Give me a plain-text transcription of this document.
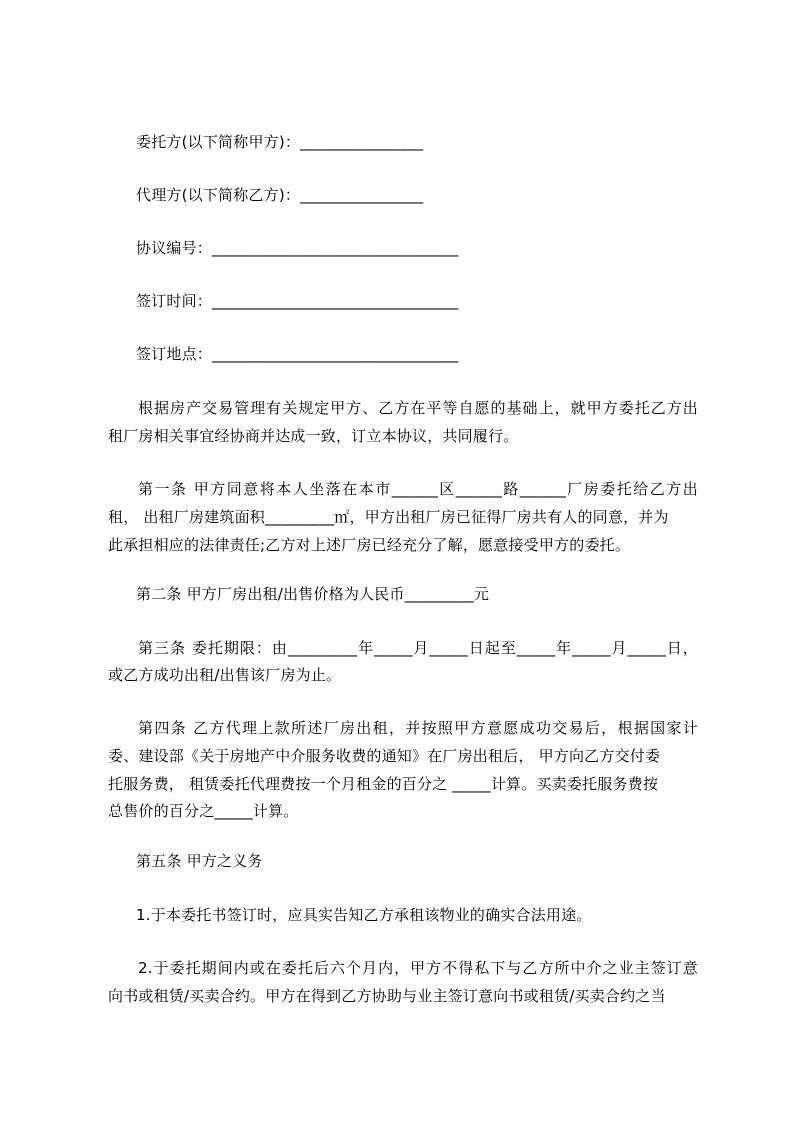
委托方(以下简称甲方)：________________
代理方(以下简称乙方)：________________
协议编号：________________________________
签订时间：________________________________
签订地点：________________________________
根据房产交易管理有关规定甲方、乙方在平等自愿的基础上，就甲方委托乙方出
租厂房相关事宜经协商并达成一致，订立本协议，共同履行。
第一条 甲方同意将本人坐落在本市______区______路______厂房委托给乙方出
租， 出租厂房建筑面积_________㎡，甲方出租厂房已征得厂房共有人的同意，并为
此承担相应的法律责任;乙方对上述厂房已经充分了解，愿意接受甲方的委托。
第二条 甲方厂房出租/出售价格为人民币_________元
第三条 委托期限：由_________年_____月_____日起至_____年_____月_____日，
或乙方成功出租/出售该厂房为止。
第四条 乙方代理上款所述厂房出租，并按照甲方意愿成功交易后，根据国家计
委、建设部《关于房地产中介服务收费的通知》在厂房出租后， 甲方向乙方交付委
托服务费， 租赁委托代理费按一个月租金的百分之 _____计算。买卖委托服务费按
总售价的百分之_____计算。
第五条 甲方之义务
1.于本委托书签订时，应具实告知乙方承租该物业的确实合法用途。
2.于委托期间内或在委托后六个月内，甲方不得私下与乙方所中介之业主签订意
向书或租赁/买卖合约。甲方在得到乙方协助与业主签订意向书或租赁/买卖合约之当
